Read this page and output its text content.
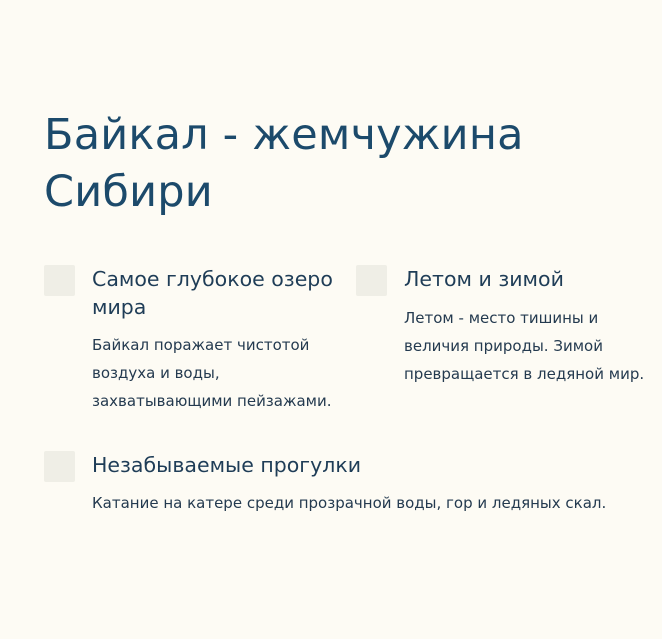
Байкал - жемчужина Сибири
Самое глубокое озеро мира

Байкал поражает чистотой воздуха и воды, захватывающими пейзажами.

Летом и зимой

Летом - место тишины и величия природы. Зимой превращается в ледяной мир.

Незабываемые прогулки

Катание на катере среди прозрачной воды, гор и ледяных скал.
